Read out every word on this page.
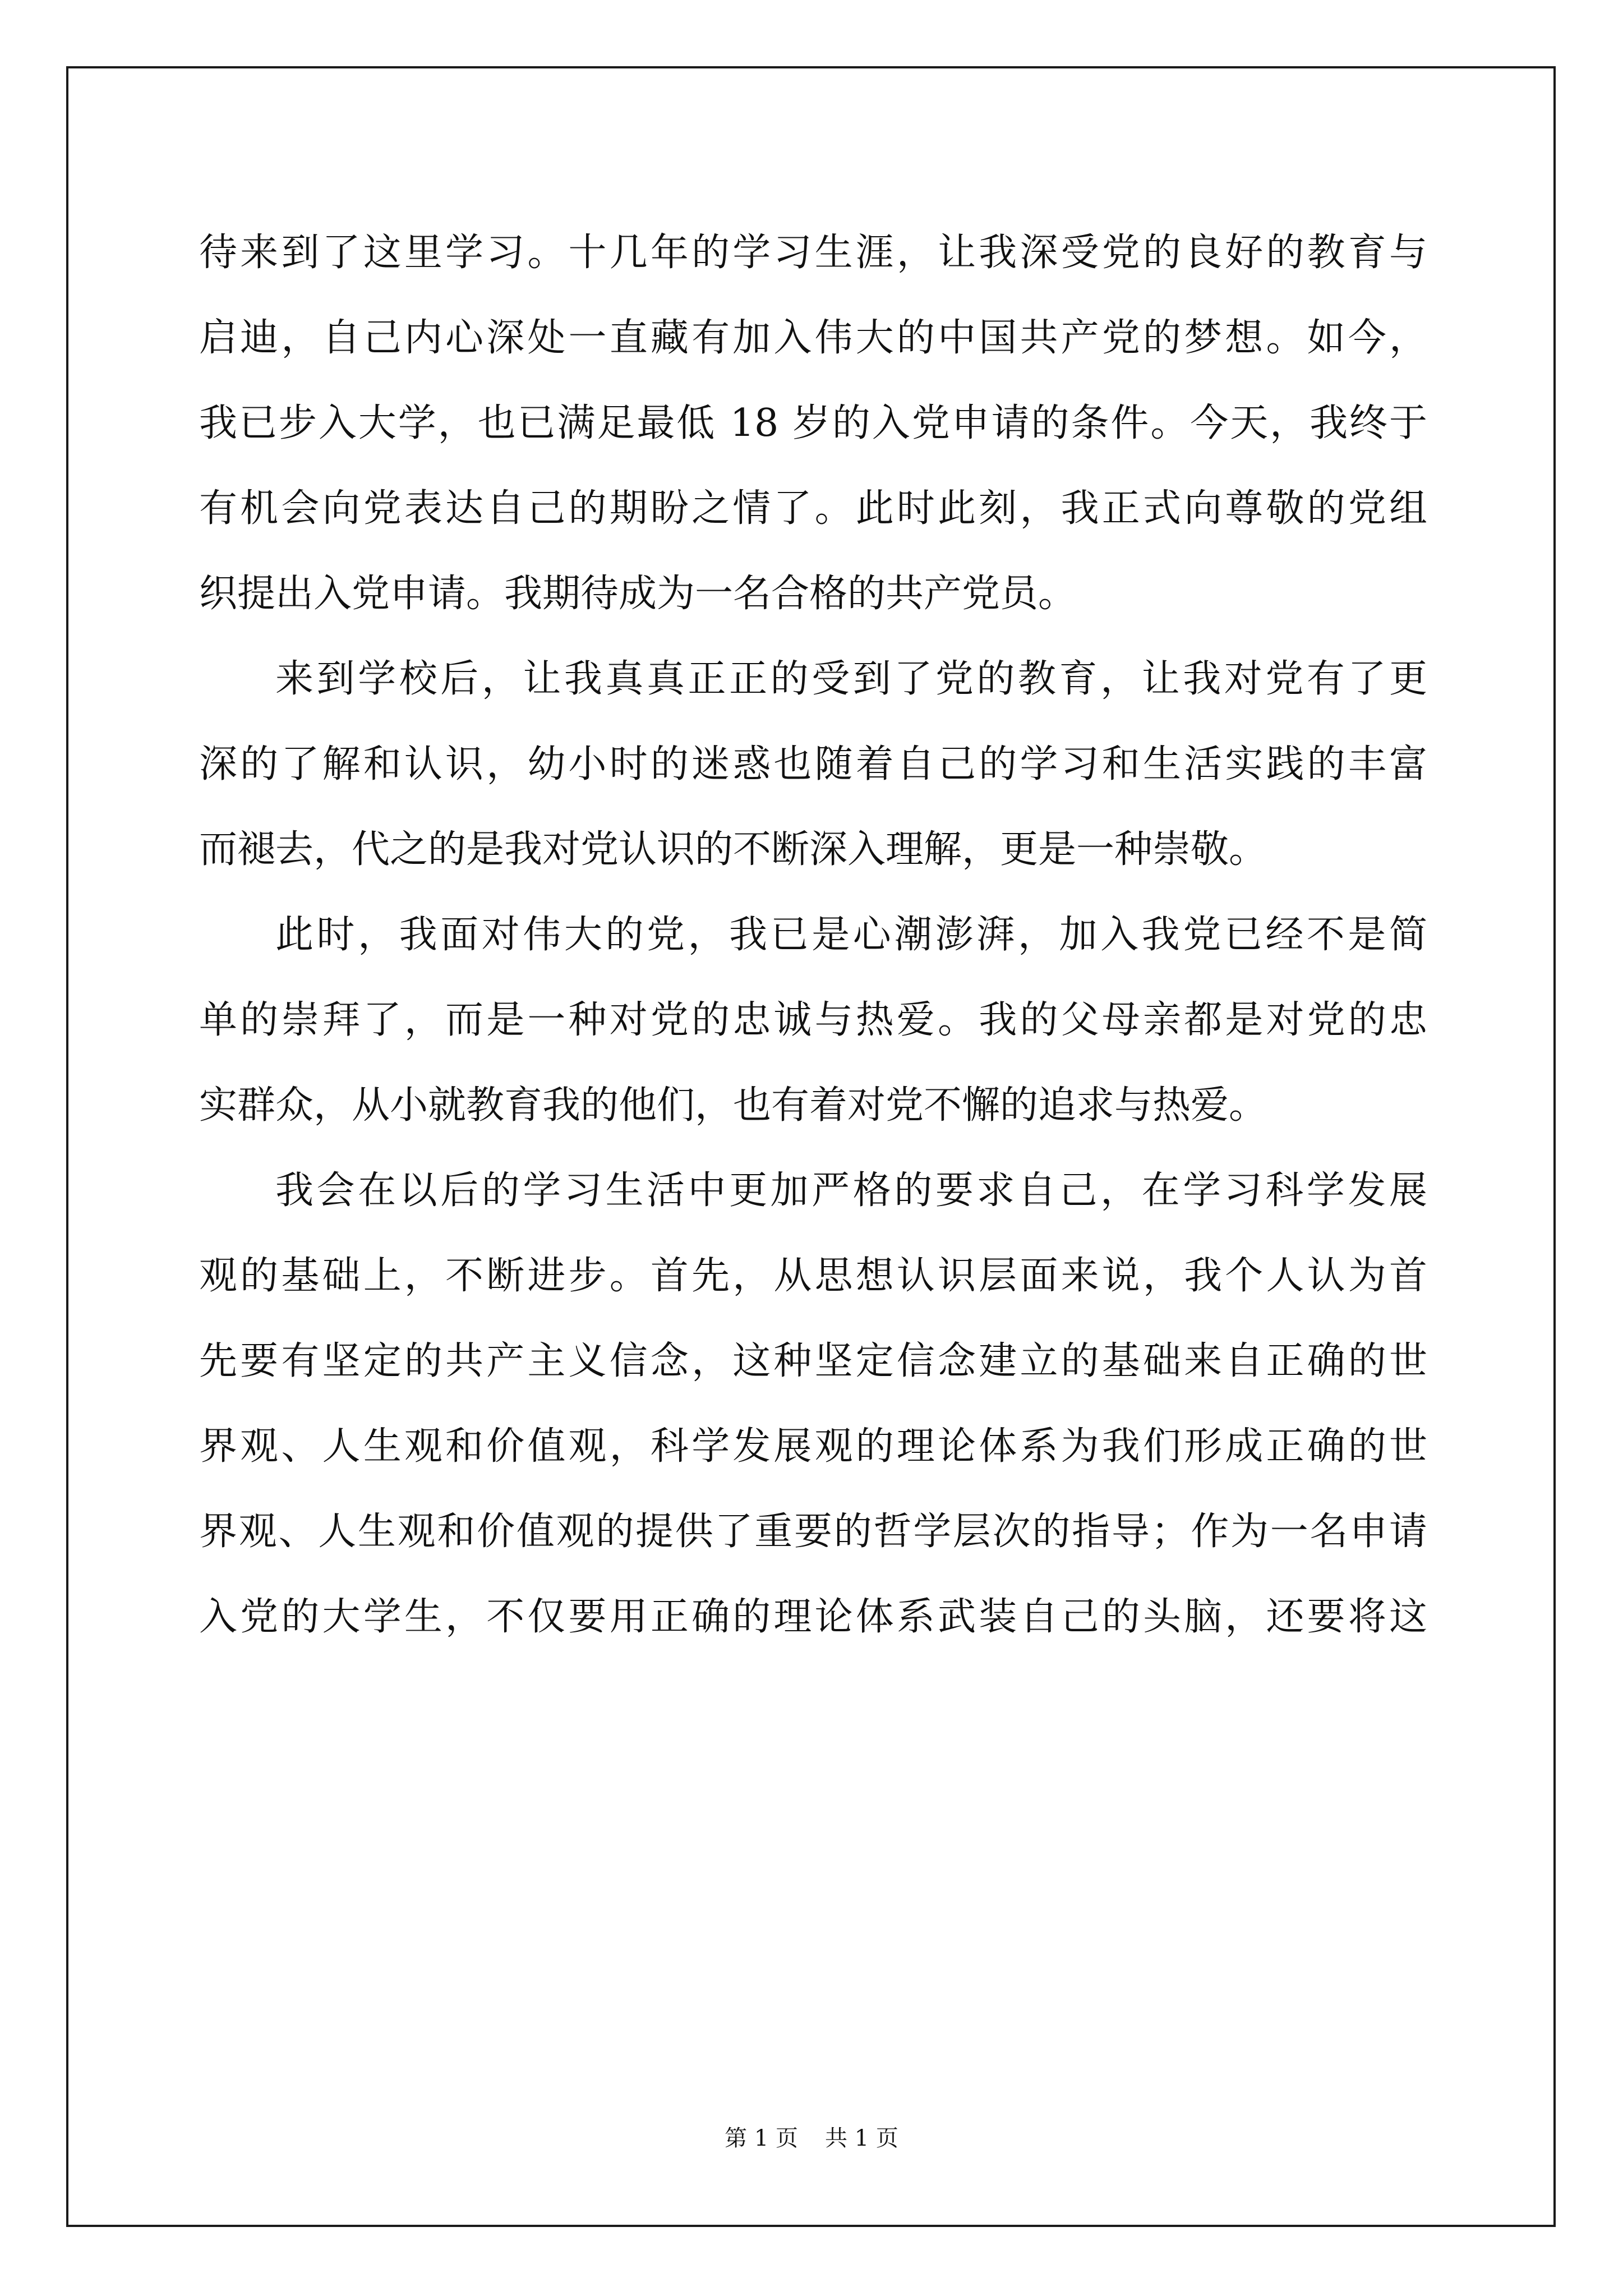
待来到了这里学习。十几年的学习生涯，让我深受党的良好的教育与
启迪，自己内心深处一直藏有加入伟大的中国共产党的梦想。如今，
我已步入大学，也已满足最低 18 岁的入党申请的条件。今天，我终于
有机会向党表达自己的期盼之情了。此时此刻，我正式向尊敬的党组
织提出入党申请。我期待成为一名合格的共产党员。
来到学校后，让我真真正正的受到了党的教育，让我对党有了更
深的了解和认识，幼小时的迷惑也随着自己的学习和生活实践的丰富
而褪去，代之的是我对党认识的不断深入理解，更是一种崇敬。
此时，我面对伟大的党，我已是心潮澎湃，加入我党已经不是简
单的崇拜了，而是一种对党的忠诚与热爱。我的父母亲都是对党的忠
实群众，从小就教育我的他们，也有着对党不懈的追求与热爱。
我会在以后的学习生活中更加严格的要求自己，在学习科学发展
观的基础上，不断进步。首先，从思想认识层面来说，我个人认为首
先要有坚定的共产主义信念，这种坚定信念建立的基础来自正确的世
界观、人生观和价值观，科学发展观的理论体系为我们形成正确的世
界观、人生观和价值观的提供了重要的哲学层次的指导；作为一名申请
入党的大学生，不仅要用正确的理论体系武装自己的头脑，还要将这
第 1 页 共 1 页
